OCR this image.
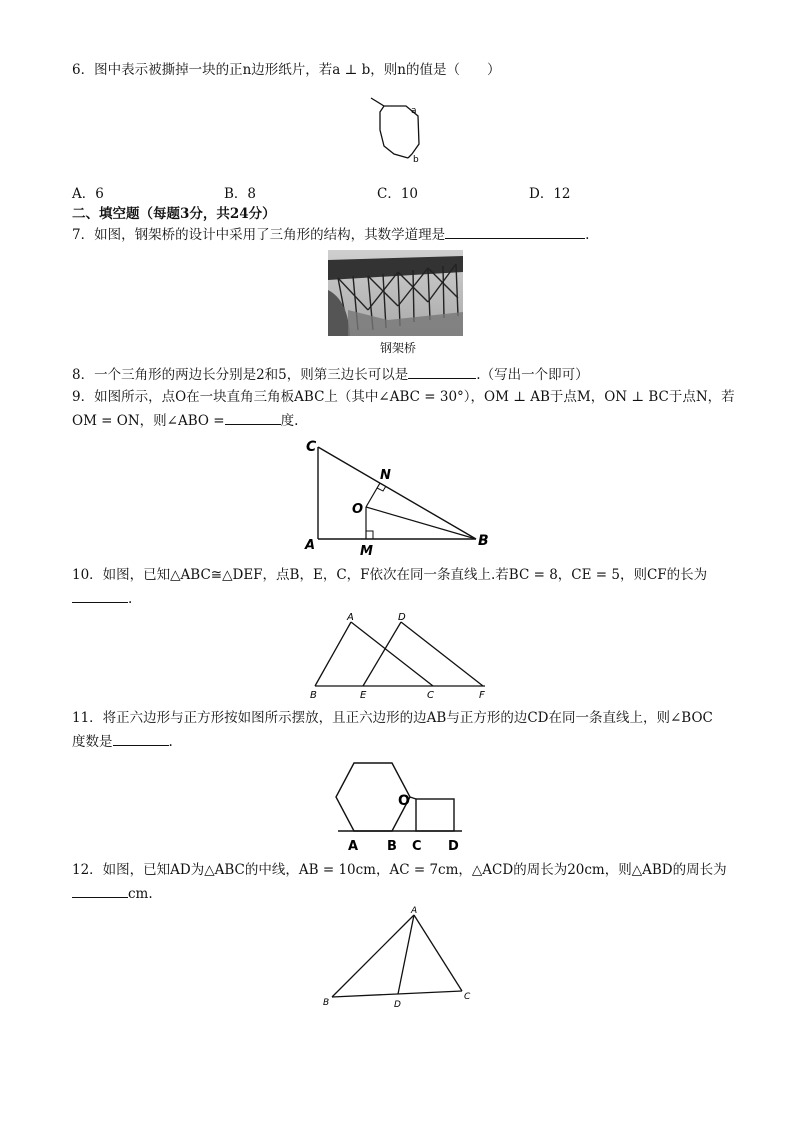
6．图中表示被撕掉一块的正n边形纸片，若a ⊥ b，则n的值是（　　）
a
b
A．6	B．8	C．10	D．12
二、填空题（每题3分，共24分）
7．如图，钢架桥的设计中采用了三角形的结构，其数学道理是	.
钢架桥
8．一个三角形的两边长分别是2和5，则第三边长可以是	.（写出一个即可）
9．如图所示，点O在一块直角三角板ABC上（其中∠ABC = 30°），OM ⊥ AB于点M，ON ⊥ BC于点N，若
OM = ON，则∠ABO =	度.
C
N
O
A	M
B
10．如图，已知△ABC≅△DEF，点B，E，C，F依次在同一条直线上.若BC = 8，CE = 5，则CF的长为
.
A	D
B	E	C	F
11．将正六边形与正方形按如图所示摆放，且正六边形的边AB与正方形的边CD在同一条直线上，则∠BOC
度数是	.
O
A B C D
12．如图，已知AD为△ABC的中线，AB = 10cm，AC = 7cm，△ACD的周长为20cm，则△ABD的周长为
cm.
A
B	D
C
